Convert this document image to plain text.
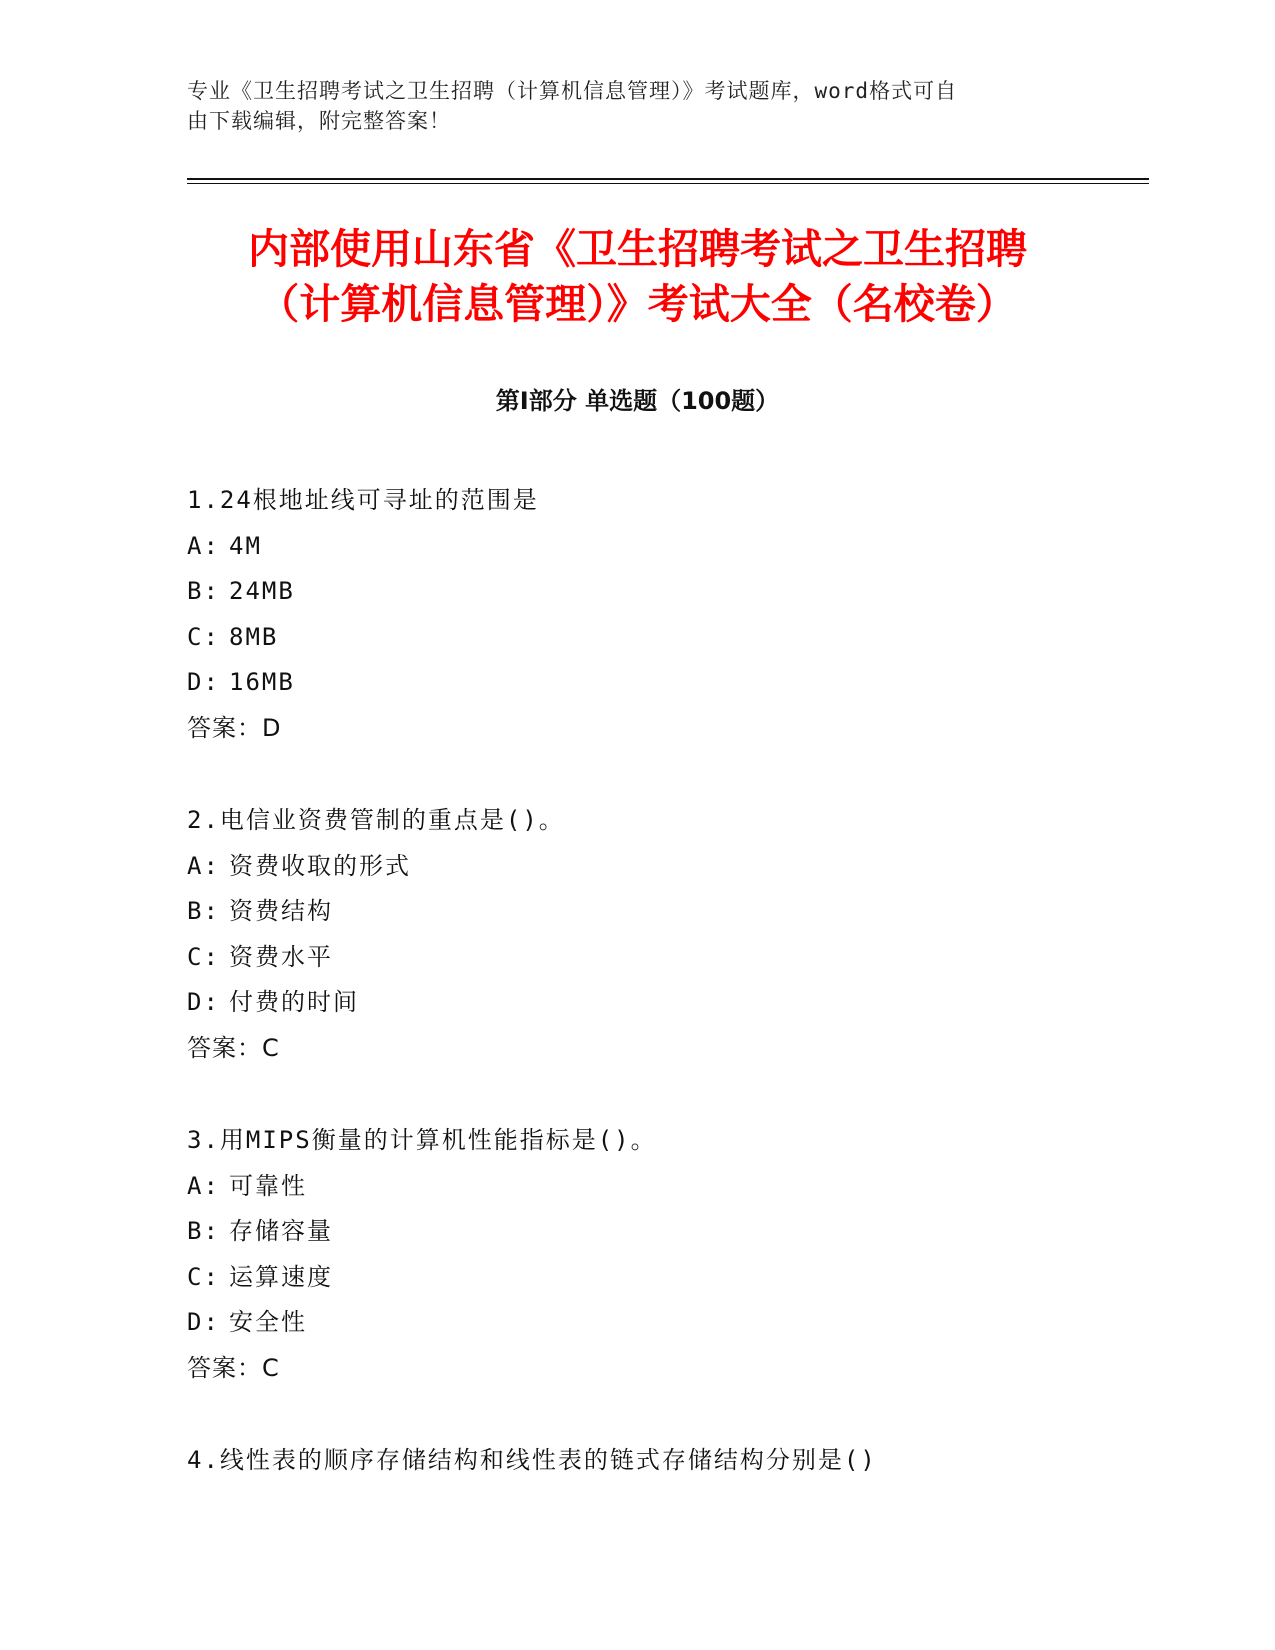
专业《卫生招聘考试之卫生招聘（计算机信息管理）》考试题库，word格式可自
由下载编辑，附完整答案！
内部使用山东省《卫生招聘考试之卫生招聘
（计算机信息管理）》考试大全（名校卷）
第Ⅰ部分 单选题（100题）
1.24根地址线可寻址的范围是
A: 4M
B: 24MB
C: 8MB
D: 16MB
答案：D
2.电信业资费管制的重点是()。
A: 资费收取的形式
B: 资费结构
C: 资费水平
D: 付费的时间
答案：C
3.用MIPS衡量的计算机性能指标是()。
A: 可靠性
B: 存储容量
C: 运算速度
D: 安全性
答案：C
4.线性表的顺序存储结构和线性表的链式存储结构分别是()
